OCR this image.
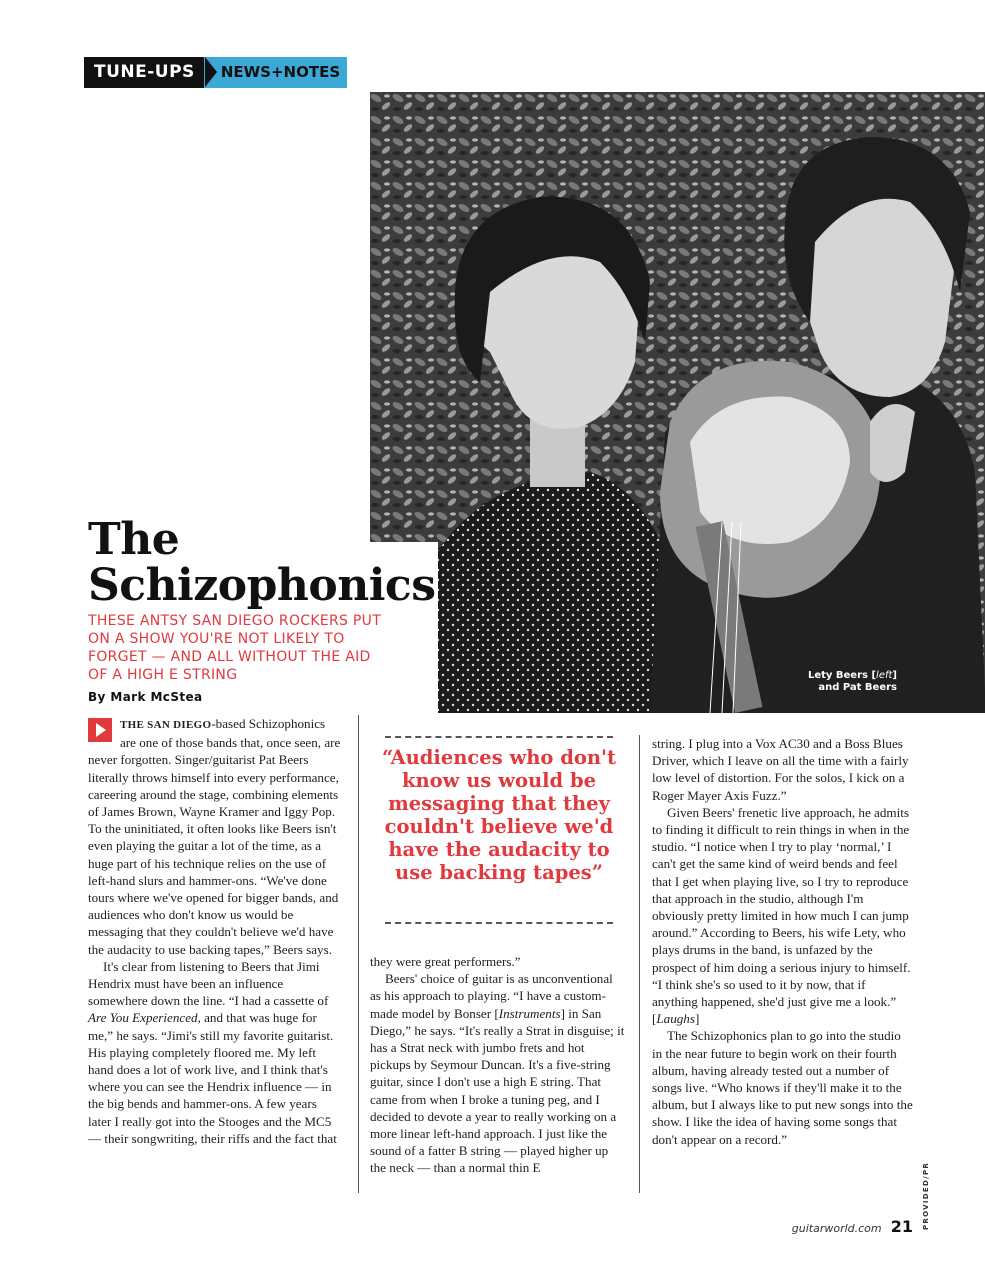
TUNE-UPS	NEWS+NOTES
Lety Beers [left]
and Pat Beers
The
Schizophonics
THESE ANTSY SAN DIEGO ROCKERS PUT ON A SHOW YOU'RE NOT LIKELY TO FORGET — AND ALL WITHOUT THE AID OF A HIGH E STRING
By Mark McStea

THE SAN DIEGO-based Schizophonics are one of those bands that, once seen, are never forgotten. Singer/guitarist Pat Beers literally throws himself into every performance, careering around the stage, combining elements of James Brown, Wayne Kramer and Iggy Pop. To the uninitiated, it often looks like Beers isn't even playing the guitar a lot of the time, as a huge part of his technique relies on the use of left-hand slurs and hammer-ons. “We've done tours where we've opened for bigger bands, and audiences who don't know us would be messaging that they couldn't believe we'd have the audacity to use backing tapes,” Beers says.

It's clear from listening to Beers that Jimi Hendrix must have been an influence somewhere down the line. “I had a cassette of Are You Experienced, and that was huge for me,” he says. “Jimi's still my favorite guitarist. His playing completely floored me. My left hand does a lot of work live, and I think that's where you can see the Hendrix influence — in the big bends and hammer-ons. A few years later I really got into the Stooges and the MC5 — their songwriting, their riffs and the fact that

“Audiences who don't know us would be messaging that they couldn't believe we'd have the audacity to use backing tapes”

they were great performers.”

Beers' choice of guitar is as unconventional as his approach to playing. “I have a custom-made model by Bonser [Instruments] in San Diego,” he says. “It's really a Strat in disguise; it has a Strat neck with jumbo frets and hot pickups by Seymour Duncan. It's a five-string guitar, since I don't use a high E string. That came from when I broke a tuning peg, and I decided to devote a year to really working on a more linear left-hand approach. I just like the sound of a fatter B string — played higher up the neck — than a normal thin E

string. I plug into a Vox AC30 and a Boss Blues Driver, which I leave on all the time with a fairly low level of distortion. For the solos, I kick on a Roger Mayer Axis Fuzz.”

Given Beers' frenetic live approach, he admits to finding it difficult to rein things in when in the studio. “I notice when I try to play ‘normal,’ I can't get the same kind of weird bends and feel that I get when playing live, so I try to reproduce that approach in the studio, although I'm obviously pretty limited in how much I can jump around.” According to Beers, his wife Lety, who plays drums in the band, is unfazed by the prospect of him doing a serious injury to himself. “I think she's so used to it by now, that if anything happened, she'd just give me a look.” [Laughs]

The Schizophonics plan to go into the studio in the near future to begin work on their fourth album, having already tested out a number of songs live. “Who knows if they'll make it to the album, but I always like to put new songs into the show. I like the idea of having some songs that don't appear on a record.”

PROVIDED/PR
guitarworld.com 21
